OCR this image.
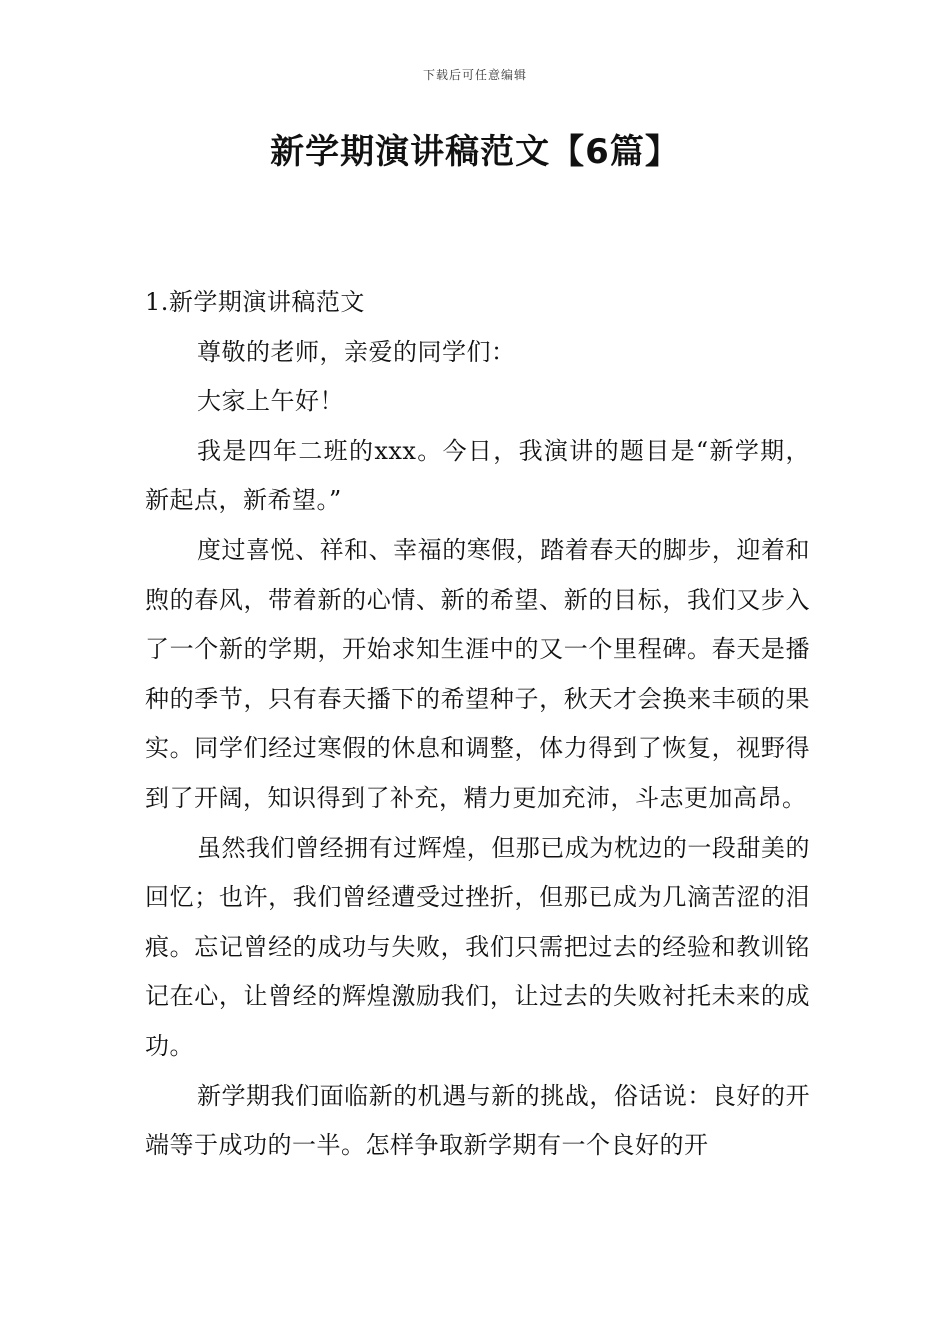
下载后可任意编辑
新学期演讲稿范文【6篇】

1.新学期演讲稿范文

尊敬的老师，亲爱的同学们：

大家上午好！

我是四年二班的xxx。今日，我演讲的题目是“新学期，新起点，新希望。”

度过喜悦、祥和、幸福的寒假，踏着春天的脚步，迎着和煦的春风，带着新的心情、新的希望、新的目标，我们又步入了一个新的学期，开始求知生涯中的又一个里程碑。春天是播种的季节，只有春天播下的希望种子，秋天才会换来丰硕的果实。同学们经过寒假的休息和调整，体力得到了恢复，视野得到了开阔，知识得到了补充，精力更加充沛，斗志更加高昂。

虽然我们曾经拥有过辉煌，但那已成为枕边的一段甜美的回忆；也许，我们曾经遭受过挫折，但那已成为几滴苦涩的泪痕。忘记曾经的成功与失败，我们只需把过去的经验和教训铭记在心，让曾经的辉煌激励我们，让过去的失败衬托未来的成功。

新学期我们面临新的机遇与新的挑战，俗话说：良好的开端等于成功的一半。怎样争取新学期有一个良好的开
